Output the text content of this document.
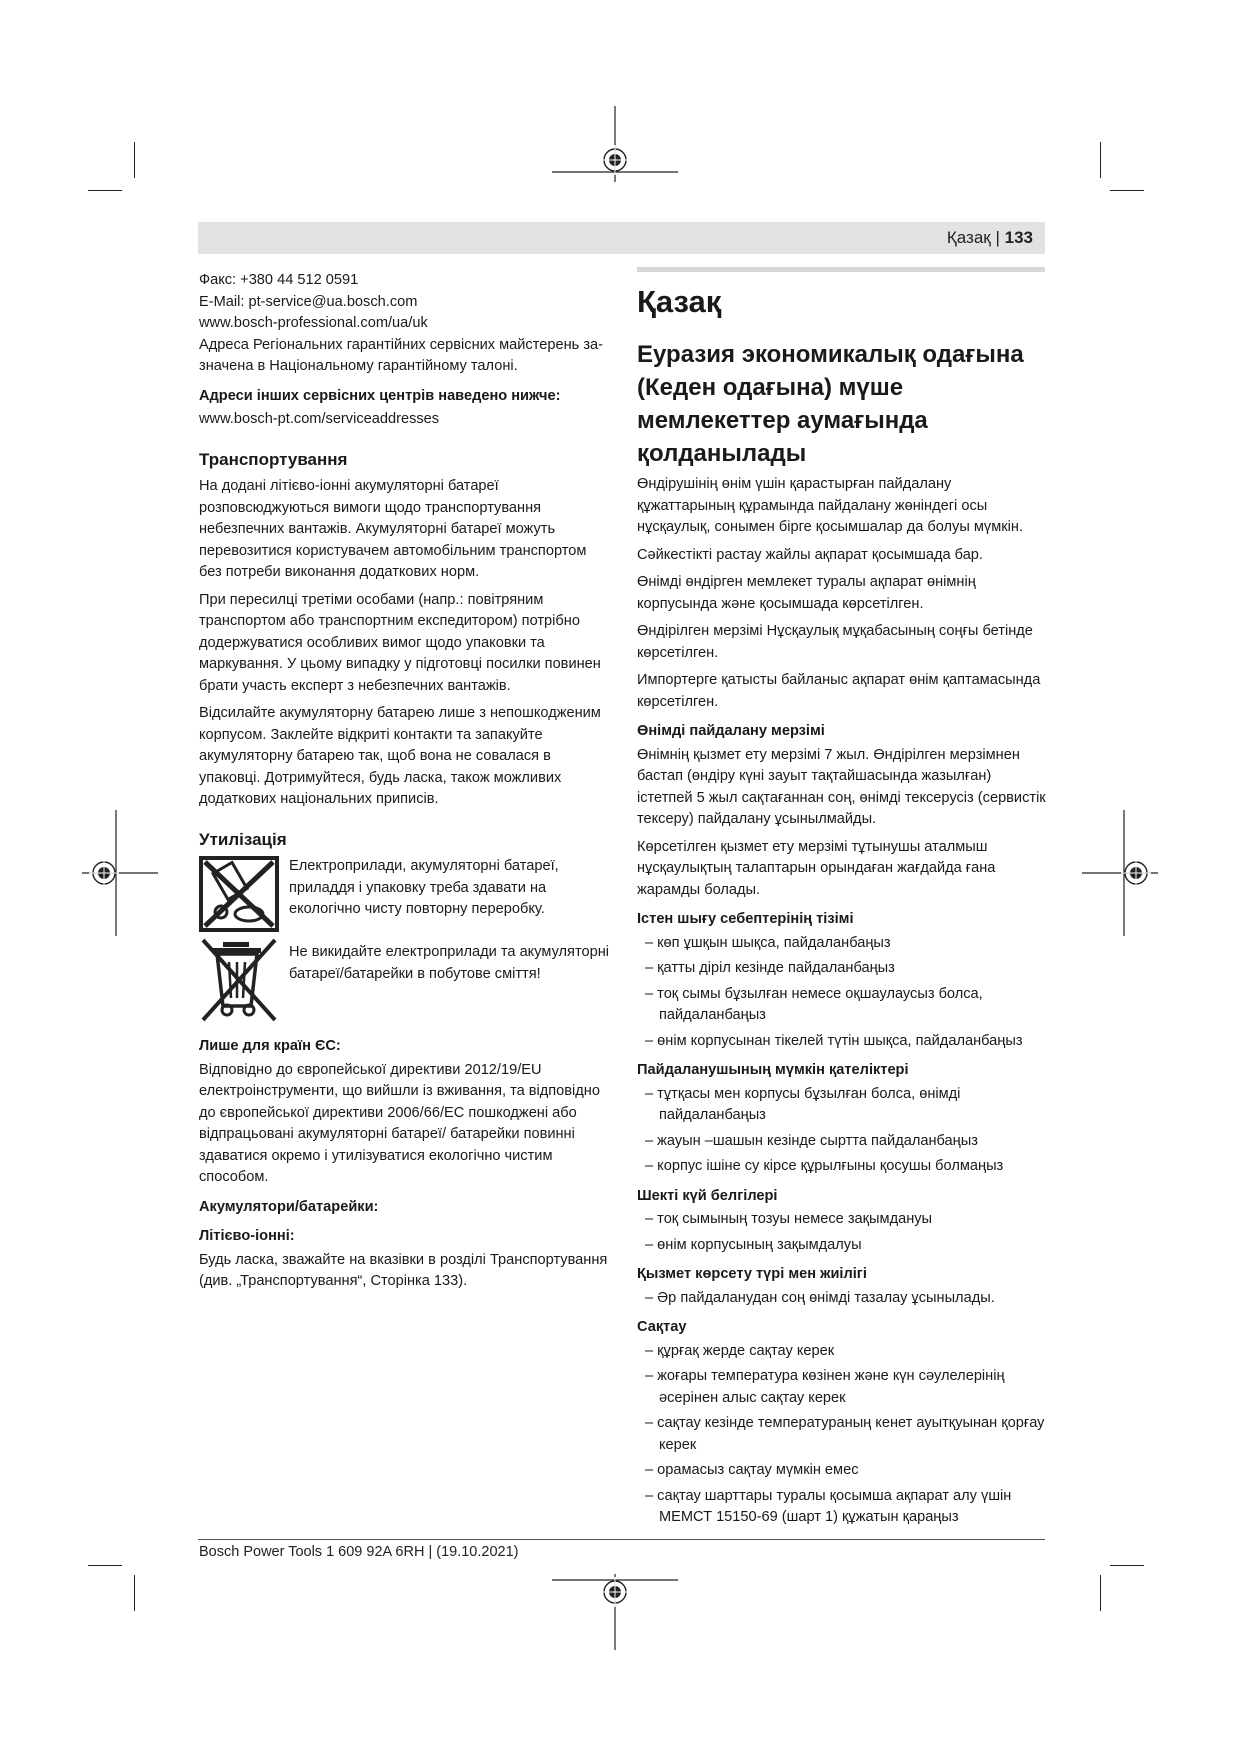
Қазақ | 133
Факс: +380 44 512 0591
E-Mail: pt-service@ua.bosch.com
www.bosch-professional.com/ua/uk

Адреса Регіональних гарантійних сервісних майстерень за- значена в Національному гарантійному талоні.

Адреси інших сервісних центрів наведено нижче:

www.bosch-pt.com/serviceaddresses

Транспортування

На додані літієво-іонні акумуляторні батареї розповсюджуються вимоги щодо транспортування небезпечних вантажів. Акумуляторні батареї можуть перевозитися користувачем автомобільним транспортом без потреби виконання додаткових норм.

При пересилці третіми особами (напр.: повітряним транспортом або транспортним експедитором) потрібно додержуватися особливих вимог щодо упаковки та маркування. У цьому випадку у підготовці посилки повинен брати участь експерт з небезпечних вантажів.

Відсилайте акумуляторну батарею лише з непошкодженим корпусом. Заклейте відкриті контакти та запакуйте акумуляторну батарею так, щоб вона не совалася в упаковці. Дотримуйтеся, будь ласка, також можливих додаткових національних приписів.

Утилізація
Електроприлади, акумуляторні батареї, приладдя і упаковку треба здавати на екологічно чисту повторну переробку.
Не викидайте електроприлади та акумуляторні батареї/батарейки в побутове сміття!
Лише для країн ЄС:

Відповідно до європейської директиви 2012/19/EU електроінструменти, що вийшли із вживання, та відповідно до європейської директиви 2006/66/EC пошкоджені або відпрацьовані акумуляторні батареї/ батарейки повинні здаватися окремо і утилізуватися екологічно чистим способом.

Акумулятори/батарейки:
Літієво-іонні:

Будь ласка, зважайте на вказівки в розділі Транспортування (див. „Транспортування“, Сторінка 133).

Қазақ
Еуразия экономикалық одағына (Кеден одағына) мүше мемлекеттер аумағында қолданылады

Өндірушінің өнім үшін қарастырған пайдалану құжаттарының құрамында пайдалану жөніндегі осы нұсқаулық, сонымен бірге қосымшалар да болуы мүмкін.

Сәйкестікті растау жайлы ақпарат қосымшада бар.

Өнімді өндірген мемлекет туралы ақпарат өнімнің корпусында және қосымшада көрсетілген.

Өндірілген мерзімі Нұсқаулық мұқабасының соңғы бетінде көрсетілген.

Импортерге қатысты байланыс ақпарат өнім қаптамасында көрсетілген.

Өнімді пайдалану мерзімі

Өнімнің қызмет ету мерзімі 7 жыл. Өндірілген мерзімнен бастап (өндіру күні зауыт тақтайшасында жазылған) істетпей 5 жыл сақтағаннан соң, өнімді тексерусіз (сервистік тексеру) пайдалану ұсынылмайды.

Көрсетілген қызмет ету мерзімі тұтынушы аталмыш нұсқаулықтың талаптарын орындаған жағдайда ғана жарамды болады.

Істен шығу себептерінің тізімі
– көп ұшқын шықса, пайдаланбаңыз
– қатты діріл кезінде пайдаланбаңыз
– тоқ сымы бұзылған немесе оқшаулаусыз болса, пайдаланбаңыз
– өнім корпусынан тікелей түтін шықса, пайдаланбаңыз
Пайдаланушының мүмкін қателіктері
– тұтқасы мен корпусы бұзылған болса, өнімді пайдаланбаңыз
– жауын –шашын кезінде сыртта пайдаланбаңыз
– корпус ішіне су кірсе құрылғыны қосушы болмаңыз
Шекті күй белгілері
– тоқ сымының тозуы немесе зақымдануы
– өнім корпусының зақымдалуы
Қызмет көрсету түрі мен жиілігі
– Әр пайдаланудан соң өнімді тазалау ұсынылады.
Сақтау
– құрғақ жерде сақтау керек
– жоғары температура көзінен және күн сәулелерінің әсерінен алыс сақтау керек
– сақтау кезінде температураның кенет ауытқуынан қорғау керек
– орамасыз сақтау мүмкін емес
– сақтау шарттары туралы қосымша ақпарат алу үшін МЕМСТ 15150-69 (шарт 1) құжатын қараңыз
Bosch Power Tools 1 609 92A 6RH | (19.10.2021)
